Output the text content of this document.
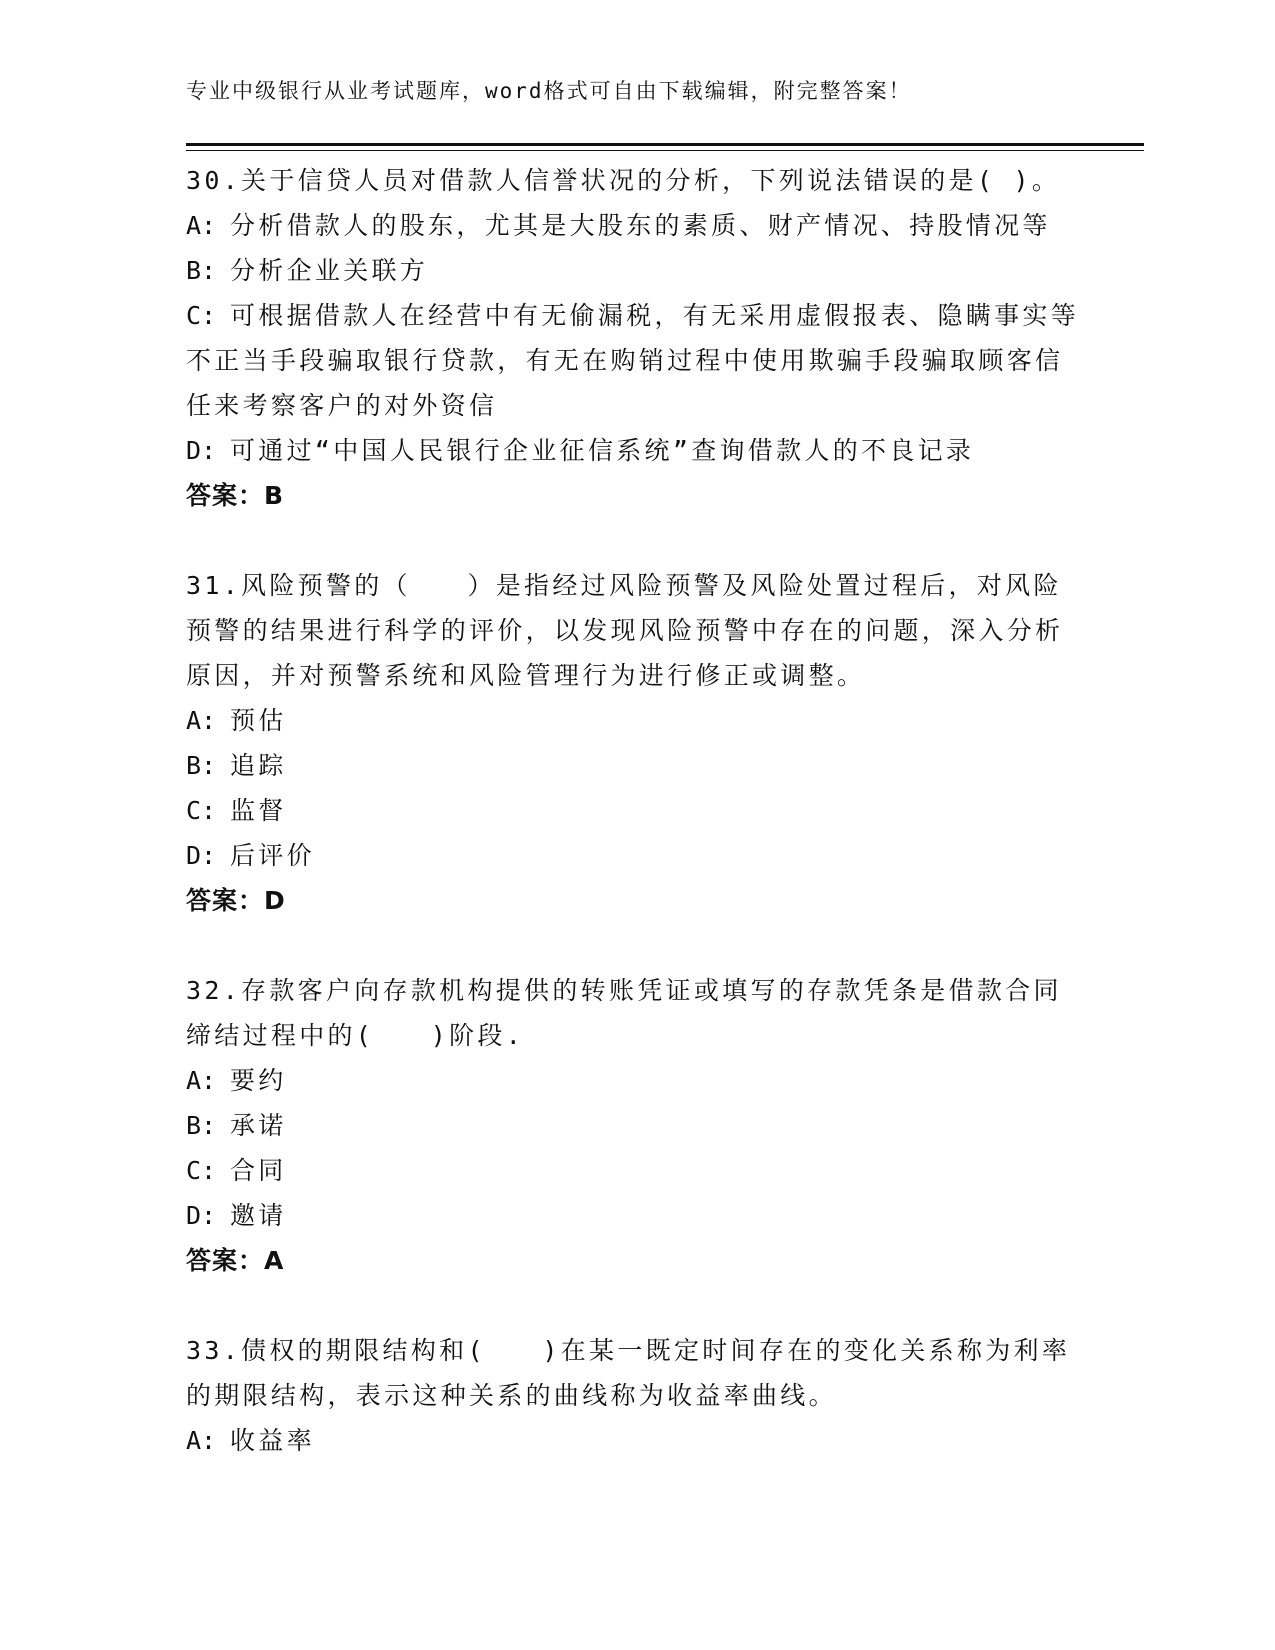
专业中级银行从业考试题库，word格式可自由下载编辑，附完整答案！

30.关于信贷人员对借款人信誉状况的分析，下列说法错误的是( )。

A: 分析借款人的股东，尤其是大股东的素质、财产情况、持股情况等

B: 分析企业关联方

C: 可根据借款人在经营中有无偷漏税，有无采用虚假报表、隐瞒事实等不正当手段骗取银行贷款，有无在购销过程中使用欺骗手段骗取顾客信任来考察客户的对外资信

D: 可通过“中国人民银行企业征信系统”查询借款人的不良记录

答案：B

31.风险预警的（　　）是指经过风险预警及风险处置过程后，对风险预警的结果进行科学的评价，以发现风险预警中存在的问题，深入分析原因，并对预警系统和风险管理行为进行修正或调整。

A: 预估

B: 追踪

C: 监督

D: 后评价

答案：D

32.存款客户向存款机构提供的转账凭证或填写的存款凭条是借款合同缔结过程中的(　　)阶段.

A: 要约

B: 承诺

C: 合同

D: 邀请

答案：A

33.债权的期限结构和(　　)在某一既定时间存在的变化关系称为利率的期限结构，表示这种关系的曲线称为收益率曲线。

A: 收益率
